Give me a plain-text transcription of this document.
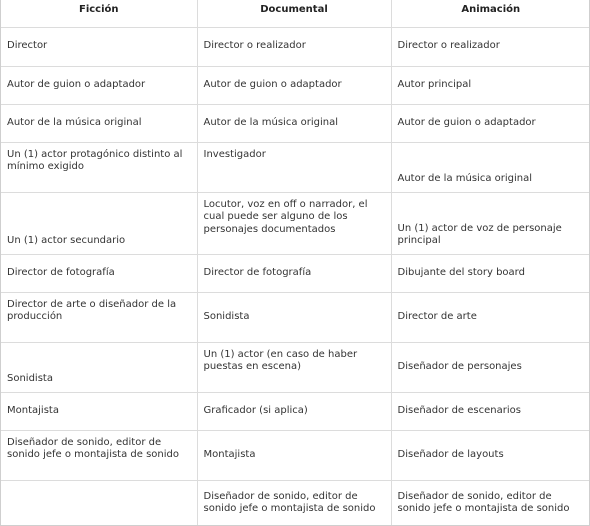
Ficción	Documental	Animación
Director	Director o realizador	Director o realizador
Autor de guion o adaptador	Autor de guion o adaptador	Autor principal
Autor de la música original	Autor de la música original	Autor de guion o adaptador
Un (1) actor protagónico distinto al mínimo exigido	Investigador	Autor de la música original
Un (1) actor secundario	Locutor, voz en off o narrador, el cual puede ser alguno de los personajes documentados	Un (1) actor de voz de personaje principal
Director de fotografía	Director de fotografía	Dibujante del story board
Director de arte o diseñador de la producción	Sonidista	Director de arte
Sonidista	Un (1) actor (en caso de haber puestas en escena)	Diseñador de personajes
Montajista	Graficador (si aplica)	Diseñador de escenarios
Diseñador de sonido, editor de sonido jefe o montajista de sonido	Montajista	Diseñador de layouts
	Diseñador de sonido, editor de sonido jefe o montajista de sonido	Diseñador de sonido, editor de sonido jefe o montajista de sonido
